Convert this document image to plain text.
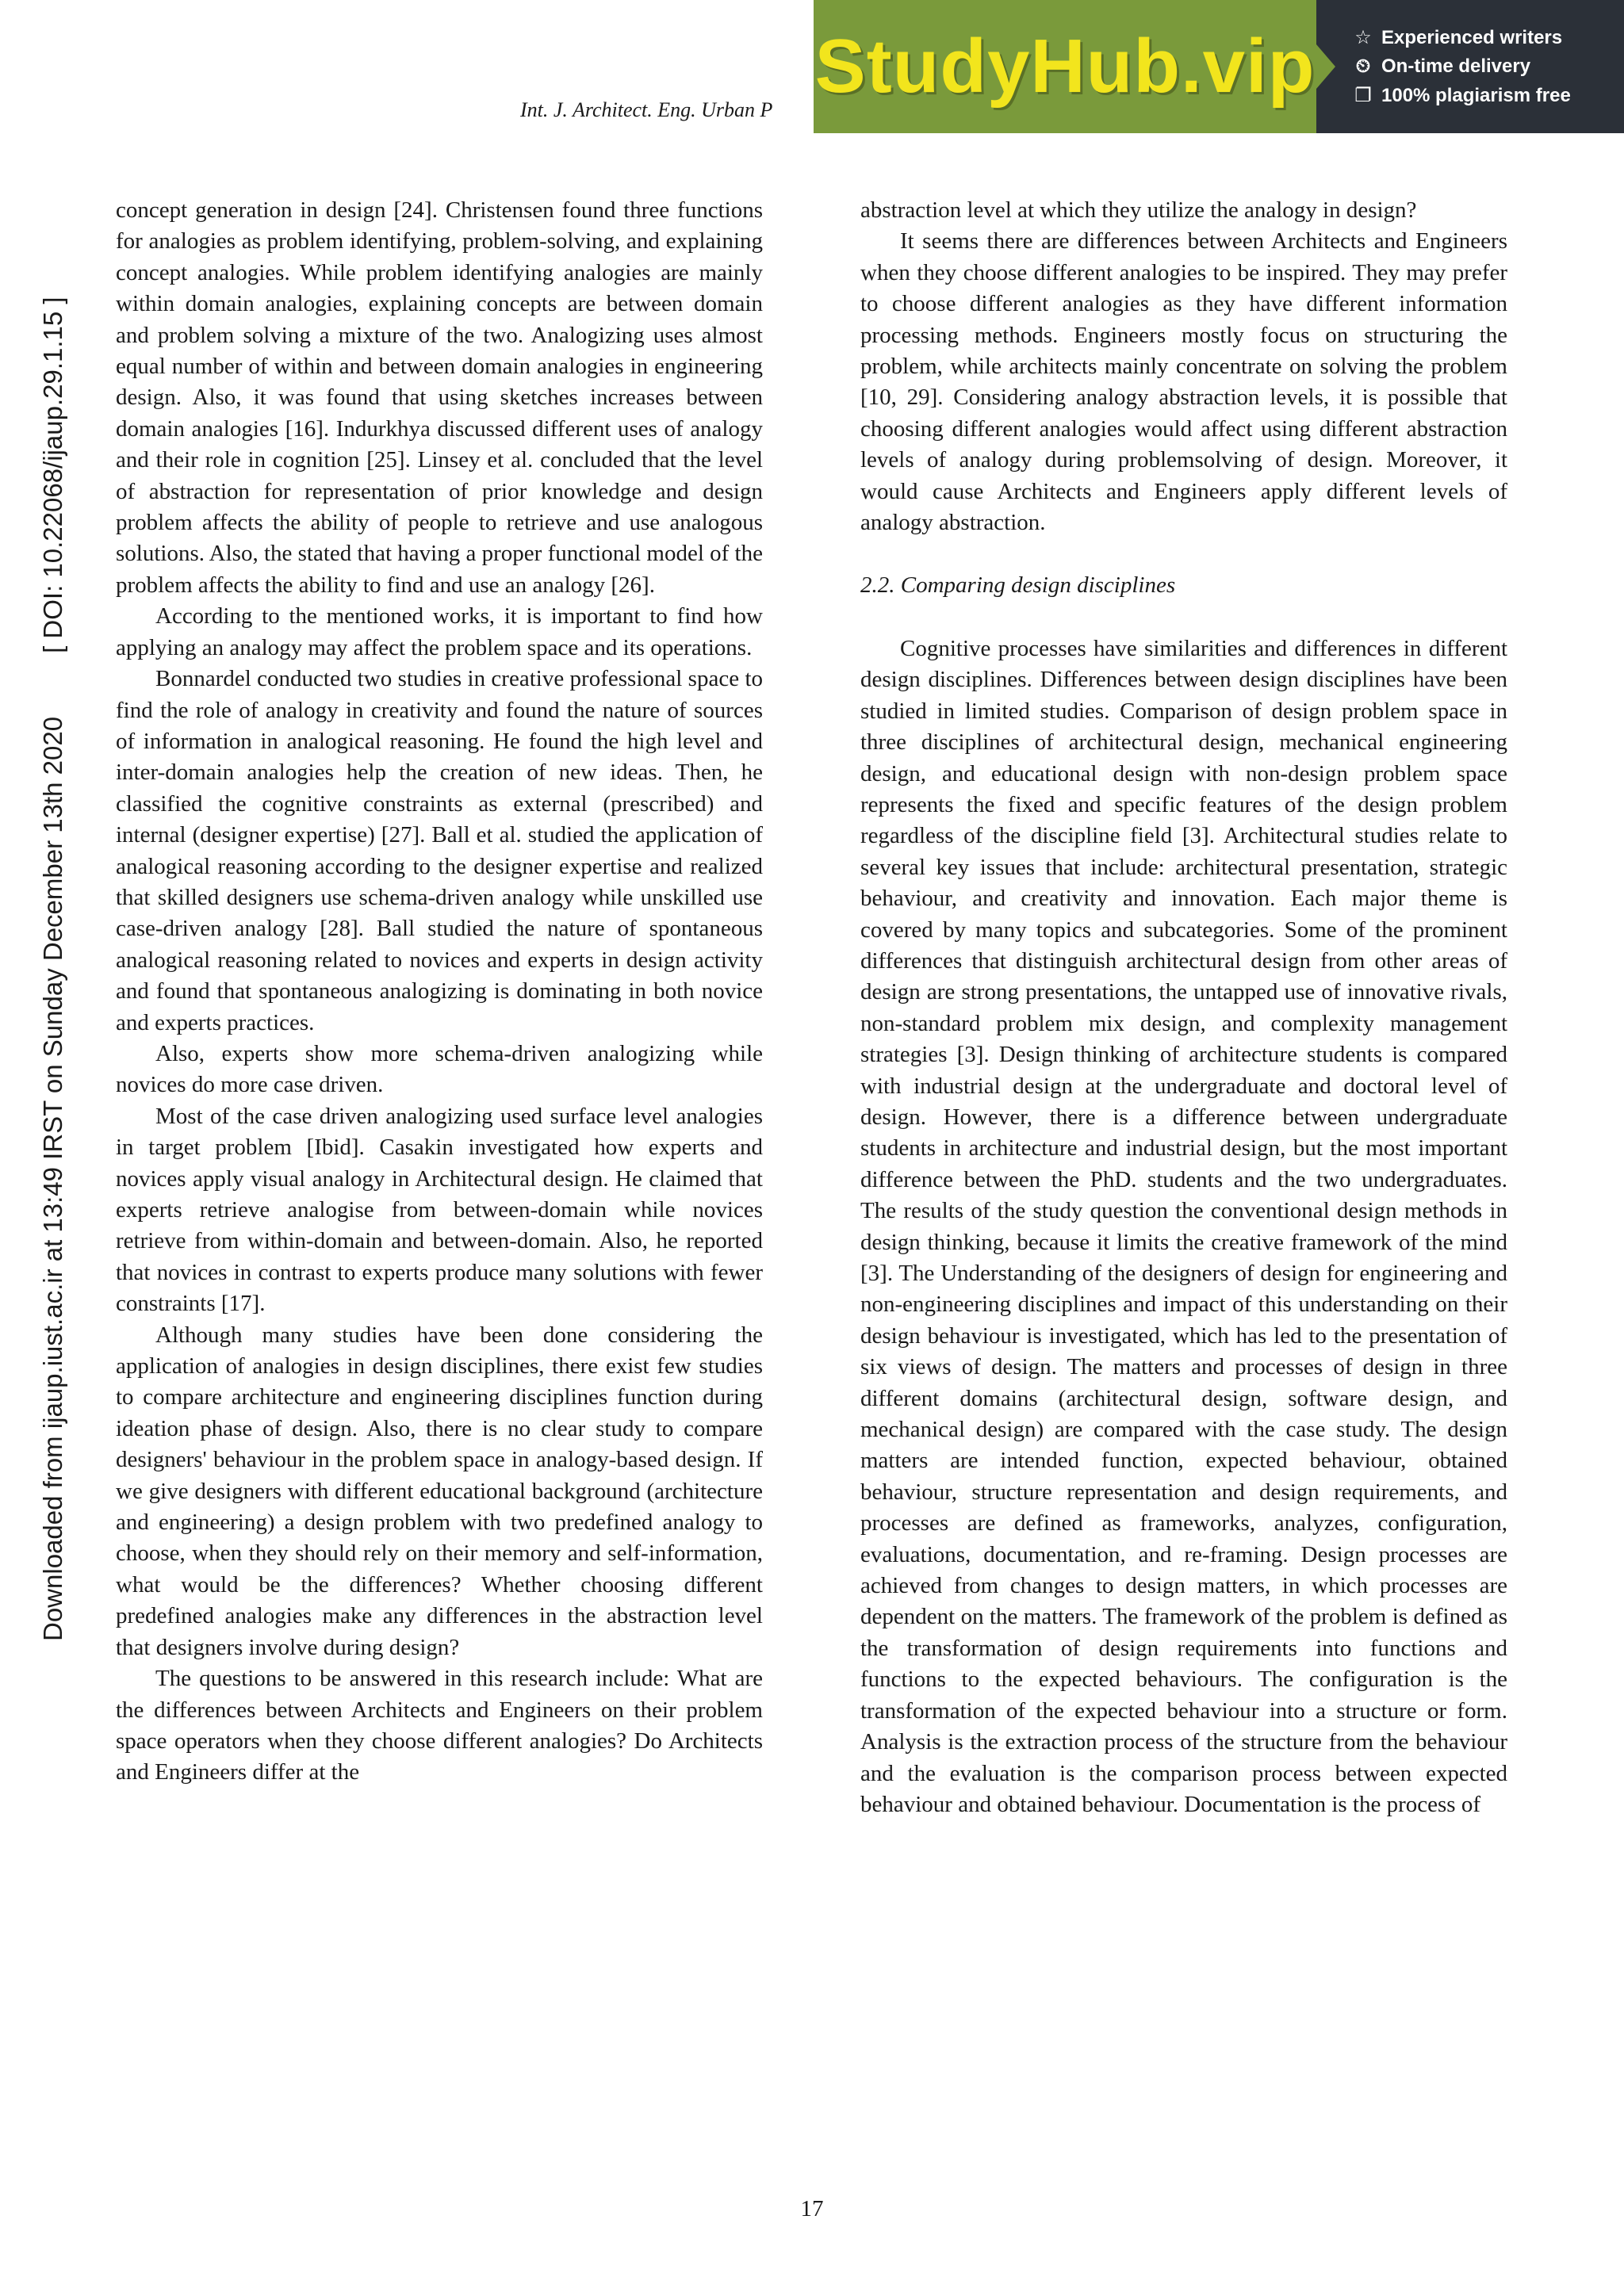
Int. J. Architect. Eng. Urban P
StudyHub.vip ☆ Experienced writers
⏲ On-time delivery
❐ 100% plagiarism free
Downloaded from ijaup.iust.ac.ir at 13:49 IRST on Sunday December 13th 2020[ DOI: 10.22068/ijaup.29.1.15 ]

concept generation in design [24]. Christensen found three functions for analogies as problem identifying, problem-solving, and explaining concept analogies. While problem identifying analogies are mainly within domain analogies, explaining concepts are between domain and problem solving a mixture of the two. Analogizing uses almost equal number of within and between domain analogies in engineering design. Also, it was found that using sketches increases between domain analogies [16]. Indurkhya discussed different uses of analogy and their role in cognition [25]. Linsey et al. concluded that the level of abstraction for representation of prior knowledge and design problem affects the ability of people to retrieve and use analogous solutions. Also, the stated that having a proper functional model of the problem affects the ability to find and use an analogy [26].

According to the mentioned works, it is important to find how applying an analogy may affect the problem space and its operations.

Bonnardel conducted two studies in creative professional space to find the role of analogy in creativity and found the nature of sources of information in analogical reasoning. He found the high level and inter-domain analogies help the creation of new ideas. Then, he classified the cognitive constraints as external (prescribed) and internal (designer expertise) [27]. Ball et al. studied the application of analogical reasoning according to the designer expertise and realized that skilled designers use schema-driven analogy while unskilled use case-driven analogy [28]. Ball studied the nature of spontaneous analogical reasoning related to novices and experts in design activity and found that spontaneous analogizing is dominating in both novice and experts practices.

Also, experts show more schema-driven analogizing while novices do more case driven.

Most of the case driven analogizing used surface level analogies in target problem [Ibid]. Casakin investigated how experts and novices apply visual analogy in Architectural design. He claimed that experts retrieve analogise from between-domain while novices retrieve from within-domain and between-domain. Also, he reported that novices in contrast to experts produce many solutions with fewer constraints [17].

Although many studies have been done considering the application of analogies in design disciplines, there exist few studies to compare architecture and engineering disciplines function during ideation phase of design. Also, there is no clear study to compare designers' behaviour in the problem space in analogy-based design. If we give designers with different educational background (architecture and engineering) a design problem with two predefined analogy to choose, when they should rely on their memory and self-information, what would be the differences? Whether choosing different predefined analogies make any differences in the abstraction level that designers involve during design?

The questions to be answered in this research include: What are the differences between Architects and Engineers on their problem space operators when they choose different analogies? Do Architects and Engineers differ at the

abstraction level at which they utilize the analogy in design?

It seems there are differences between Architects and Engineers when they choose different analogies to be inspired. They may prefer to choose different analogies as they have different information processing methods. Engineers mostly focus on structuring the problem, while architects mainly concentrate on solving the problem [10, 29]. Considering analogy abstraction levels, it is possible that choosing different analogies would affect using different abstraction levels of analogy during problemsolving of design. Moreover, it would cause Architects and Engineers apply different levels of analogy abstraction.

2.2. Comparing design disciplines

Cognitive processes have similarities and differences in different design disciplines. Differences between design disciplines have been studied in limited studies. Comparison of design problem space in three disciplines of architectural design, mechanical engineering design, and educational design with non-design problem space represents the fixed and specific features of the design problem regardless of the discipline field [3]. Architectural studies relate to several key issues that include: architectural presentation, strategic behaviour, and creativity and innovation. Each major theme is covered by many topics and subcategories. Some of the prominent differences that distinguish architectural design from other areas of design are strong presentations, the untapped use of innovative rivals, non-standard problem mix design, and complexity management strategies [3]. Design thinking of architecture students is compared with industrial design at the undergraduate and doctoral level of design. However, there is a difference between undergraduate students in architecture and industrial design, but the most important difference between the PhD. students and the two undergraduates. The results of the study question the conventional design methods in design thinking, because it limits the creative framework of the mind [3]. The Understanding of the designers of design for engineering and non-engineering disciplines and impact of this understanding on their design behaviour is investigated, which has led to the presentation of six views of design. The matters and processes of design in three different domains (architectural design, software design, and mechanical design) are compared with the case study. The design matters are intended function, expected behaviour, obtained behaviour, structure representation and design requirements, and processes are defined as frameworks, analyzes, configuration, evaluations, documentation, and re-framing. Design processes are achieved from changes to design matters, in which processes are dependent on the matters. The framework of the problem is defined as the transformation of design requirements into functions and functions to the expected behaviours. The configuration is the transformation of the expected behaviour into a structure or form. Analysis is the extraction process of the structure from the behaviour and the evaluation is the comparison process between expected behaviour and obtained behaviour. Documentation is the process of

17
